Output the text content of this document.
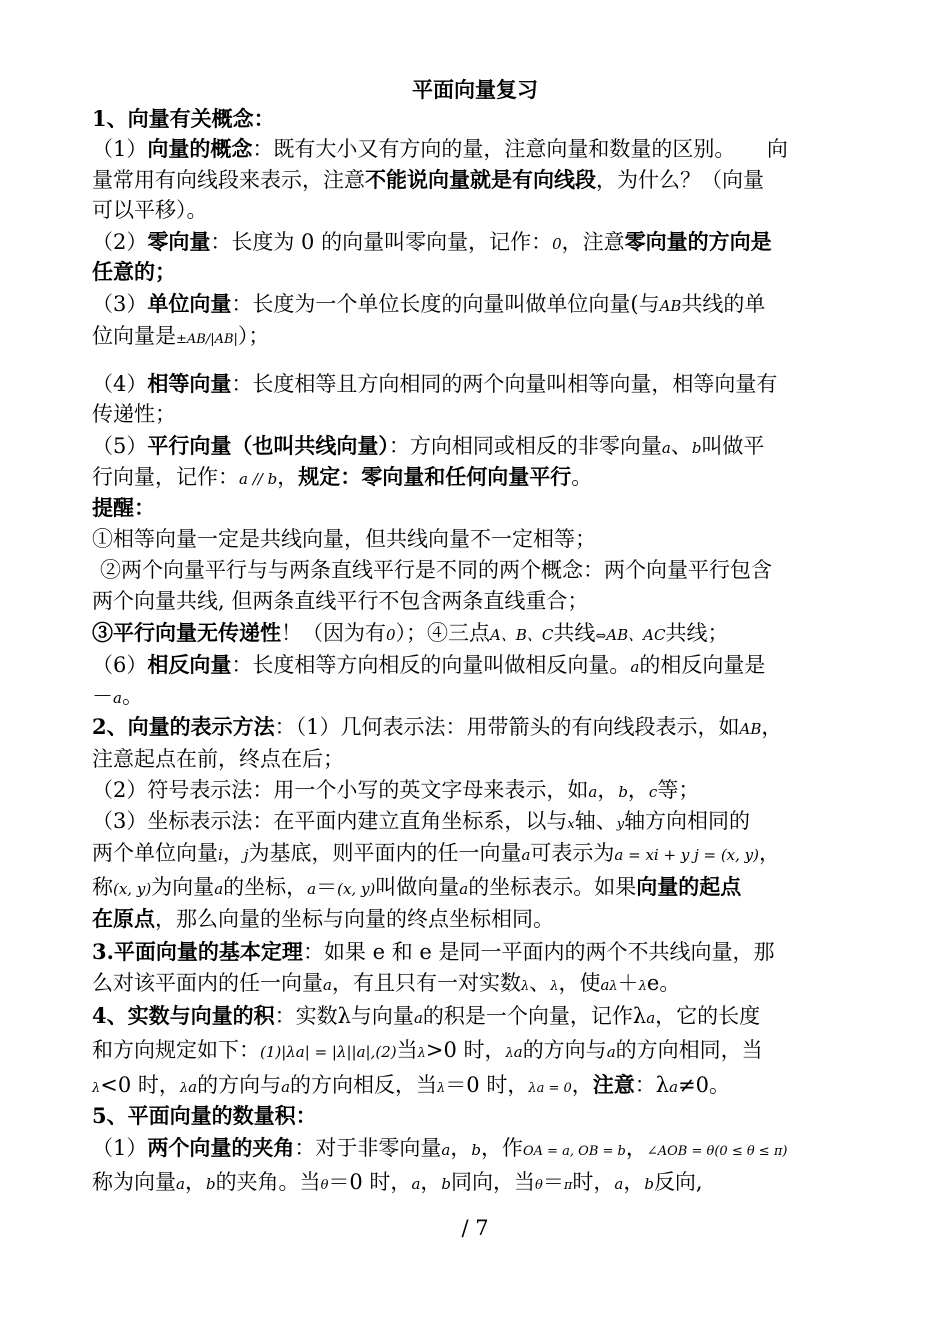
平面向量复习
1、向量有关概念：
（1）向量的概念：既有大小又有方向的量，注意向量和数量的区别。　　向
量常用有向线段来表示，注意不能说向量就是有向线段，为什么？（向量
可以平移）。
（2）零向量：长度为 0 的向量叫零向量，记作：0，注意零向量的方向是
任意的；
（3）单位向量：长度为一个单位长度的向量叫做单位向量(与AB共线的单
位向量是±AB/|AB|）；
（4）相等向量：长度相等且方向相同的两个向量叫相等向量，相等向量有
传递性；
（5）平行向量（也叫共线向量）：方向相同或相反的非零向量a、b叫做平
行向量，记作：a // b，规定：零向量和任何向量平行。
提醒：
①相等向量一定是共线向量，但共线向量不一定相等；
②两个向量平行与与两条直线平行是不同的两个概念：两个向量平行包含
两个向量共线, 但两条直线平行不包含两条直线重合；
③平行向量无传递性！（因为有0）；④三点A、B、C共线⇔AB、AC共线；
（6）相反向量：长度相等方向相反的向量叫做相反向量。a的相反向量是
－a。
2、向量的表示方法：（1）几何表示法：用带箭头的有向线段表示，如AB，
注意起点在前，终点在后；
（2）符号表示法：用一个小写的英文字母来表示，如a，b，c等；
（3）坐标表示法：在平面内建立直角坐标系，以与x轴、y轴方向相同的
两个单位向量i，j为基底，则平面内的任一向量a可表示为a = xi + y j = (x, y)，
称(x, y)为向量a的坐标，a＝(x, y)叫做向量a的坐标表示。如果向量的起点
在原点，那么向量的坐标与向量的终点坐标相同。
3.平面向量的基本定理：如果 e 和 e 是同一平面内的两个不共线向量，那
么对该平面内的任一向量a，有且只有一对实数λ、λ，使aλ＋λe。
4、实数与向量的积：实数λ与向量a的积是一个向量，记作λa，它的长度
和方向规定如下：(1)|λa| = |λ||a|,(2)当λ>0 时，λa的方向与a的方向相同，当
λ<0 时，λa的方向与a的方向相反，当λ＝0 时，λa = 0，注意：λa≠0。
5、平面向量的数量积：
（1）两个向量的夹角：对于非零向量a，b，作OA = a, OB = b，∠AOB = θ(0 ≤ θ ≤ π)
称为向量a，b的夹角。当θ＝0 时，a，b同向，当θ＝π时，a，b反向,
/ 7
